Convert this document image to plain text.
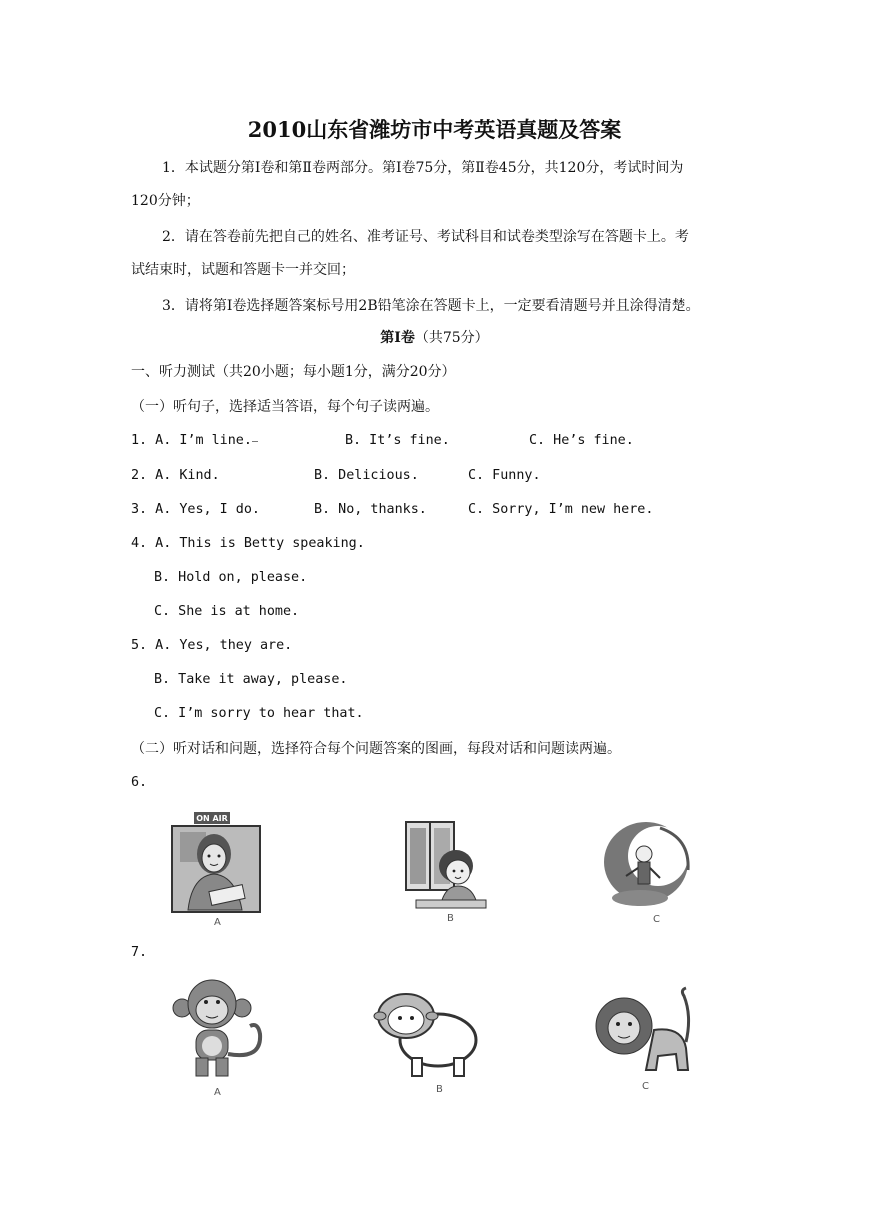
2010山东省潍坊市中考英语真题及答案
1．本试题分第Ⅰ卷和第Ⅱ卷两部分。第Ⅰ卷75分，第Ⅱ卷45分，共120分，考试时间为
120分钟；
2．请在答卷前先把自己的姓名、准考证号、考试科目和试卷类型涂写在答题卡上。考
试结束时，试题和答题卡一并交回；
3．请将第Ⅰ卷选择题答案标号用2B铅笔涂在答题卡上，一定要看清题号并且涂得清楚。
第Ⅰ卷（共75分）
一、听力测试（共20小题；每小题1分，满分20分）
（一）听句子，选择适当答语，每个句子读两遍。
1. A. I’m line.	B. It’s fine.	C. He’s fine.
2. A. Kind.	B. Delicious.	C. Funny.
3. A. Yes, I do.	B. No, thanks.	C. Sorry, I’m new here.
4. A. This is Betty speaking.
B. Hold on, please.
C. She is at home.
5. A. Yes, they are.
B. Take it away, please.
C. I’m sorry to hear that.
（二）听对话和问题，选择符合每个问题答案的图画，每段对话和问题读两遍。
6.
ON AIR
A	B	C
7.
A	B	C
